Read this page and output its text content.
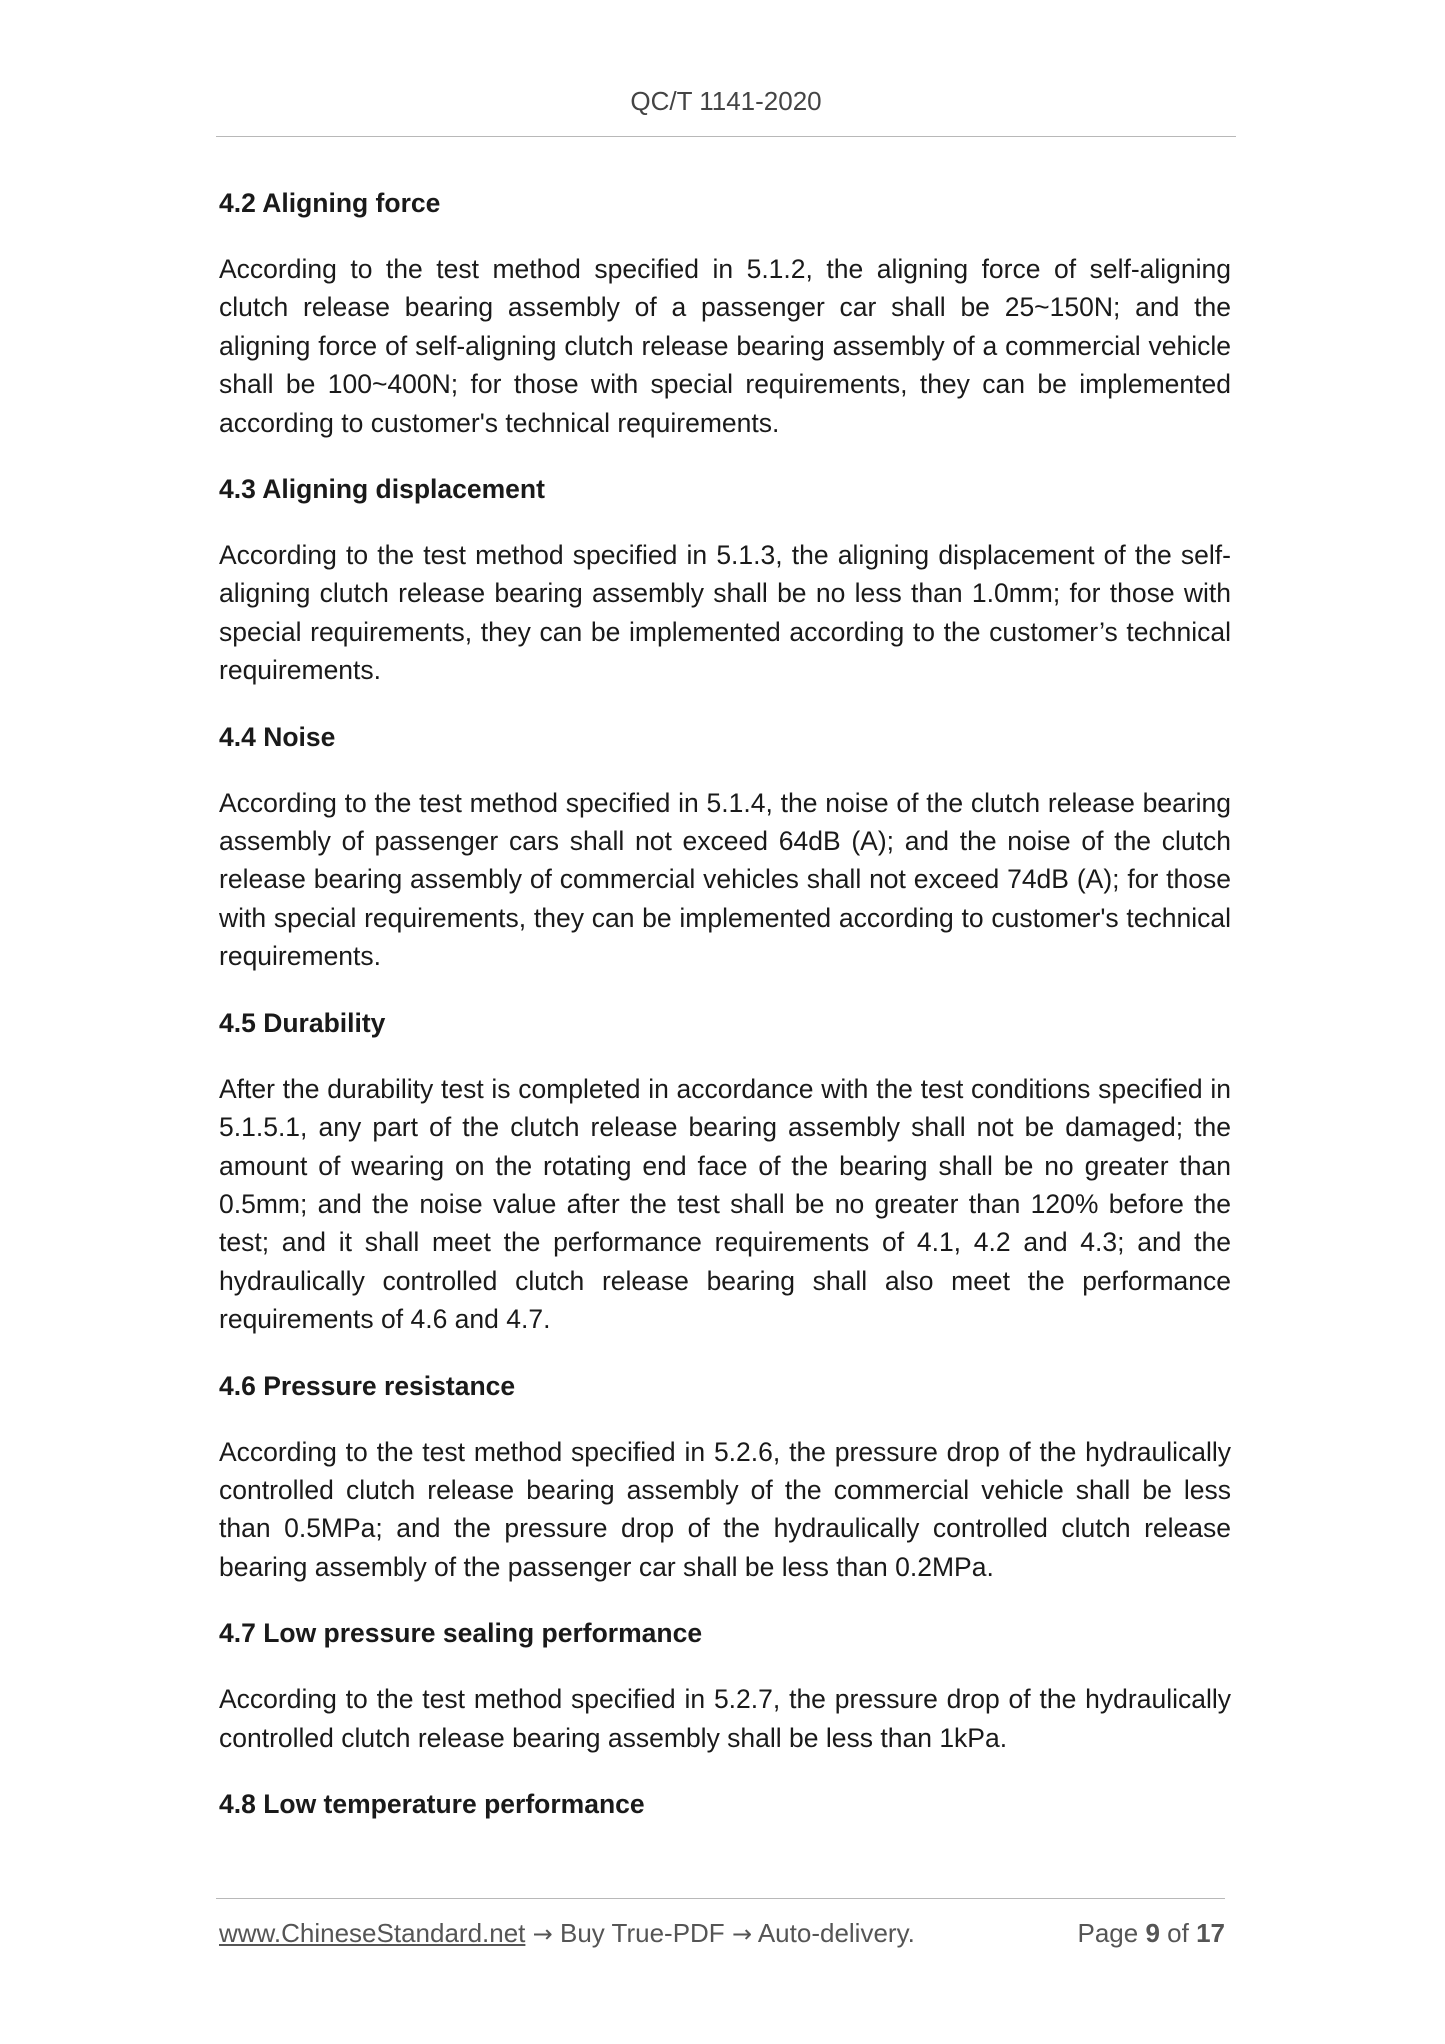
QC/T 1141-2020
4.2 Aligning force
According to the test method specified in 5.1.2, the aligning force of self-aligning clutch release bearing assembly of a passenger car shall be 25~150N; and the aligning force of self-aligning clutch release bearing assembly of a commercial vehicle shall be 100~400N; for those with special requirements, they can be implemented according to customer's technical requirements.
4.3 Aligning displacement
According to the test method specified in 5.1.3, the aligning displacement of the self-aligning clutch release bearing assembly shall be no less than 1.0mm; for those with special requirements, they can be implemented according to the customer’s technical requirements.
4.4 Noise
According to the test method specified in 5.1.4, the noise of the clutch release bearing assembly of passenger cars shall not exceed 64dB (A); and the noise of the clutch release bearing assembly of commercial vehicles shall not exceed 74dB (A); for those with special requirements, they can be implemented according to customer's technical requirements.
4.5 Durability
After the durability test is completed in accordance with the test conditions specified in 5.1.5.1, any part of the clutch release bearing assembly shall not be damaged; the amount of wearing on the rotating end face of the bearing shall be no greater than 0.5mm; and the noise value after the test shall be no greater than 120% before the test; and it shall meet the performance requirements of 4.1, 4.2 and 4.3; and the hydraulically controlled clutch release bearing shall also meet the performance requirements of 4.6 and 4.7.
4.6 Pressure resistance
According to the test method specified in 5.2.6, the pressure drop of the hydraulically controlled clutch release bearing assembly of the commercial vehicle shall be less than 0.5MPa; and the pressure drop of the hydraulically controlled clutch release bearing assembly of the passenger car shall be less than 0.2MPa.
4.7 Low pressure sealing performance
According to the test method specified in 5.2.7, the pressure drop of the hydraulically controlled clutch release bearing assembly shall be less than 1kPa.
4.8 Low temperature performance
www.ChineseStandard.net → Buy True-PDF → Auto-delivery.	Page 9 of 17
